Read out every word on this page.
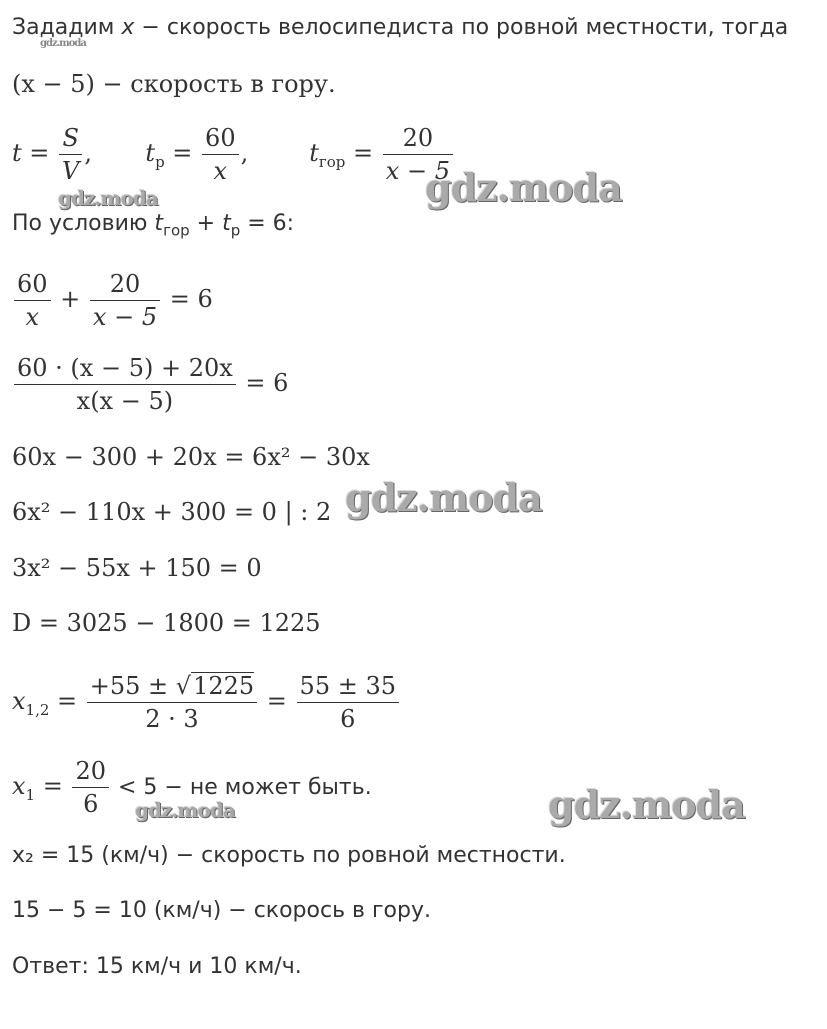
Зададим x − скорость велосипедиста по ровной местности, тогда
(x − 5) − скорость в гору.
$t = \frac{S}{V}$ ,       $t_р = \frac{60}{x}$ ,        $t_{гор} = \frac{20}{x - 5}$
По условию $t_{гор} + t_р = 6$:
$\frac{60}{x} + \frac{20}{x - 5} = 6$
$\frac{60 \cdot (x - 5) + 20x}{x(x - 5)} = 6$
60x − 300 + 20x = 6x² − 30x
6x² − 110x + 300 = 0 | : 2
3x² − 55x + 150 = 0
D = 3025 − 1800 = 1225
$x_{1,2} = \frac{+55 \pm √1225}{2 \cdot 3} = \frac{55 \pm 35}{6}$
$x_1 = \frac{20}{6} < 5$ − не может быть.
x₂ = 15 (км/ч) − скорость по ровной местности.
15 − 5 = 10 (км/ч) − скорось в гору.
Ответ: 15 км/ч и 10 км/ч.
gdz.moda
gdz.moda	gdz.moda
gdz.moda
gdz.moda
gdz.moda
